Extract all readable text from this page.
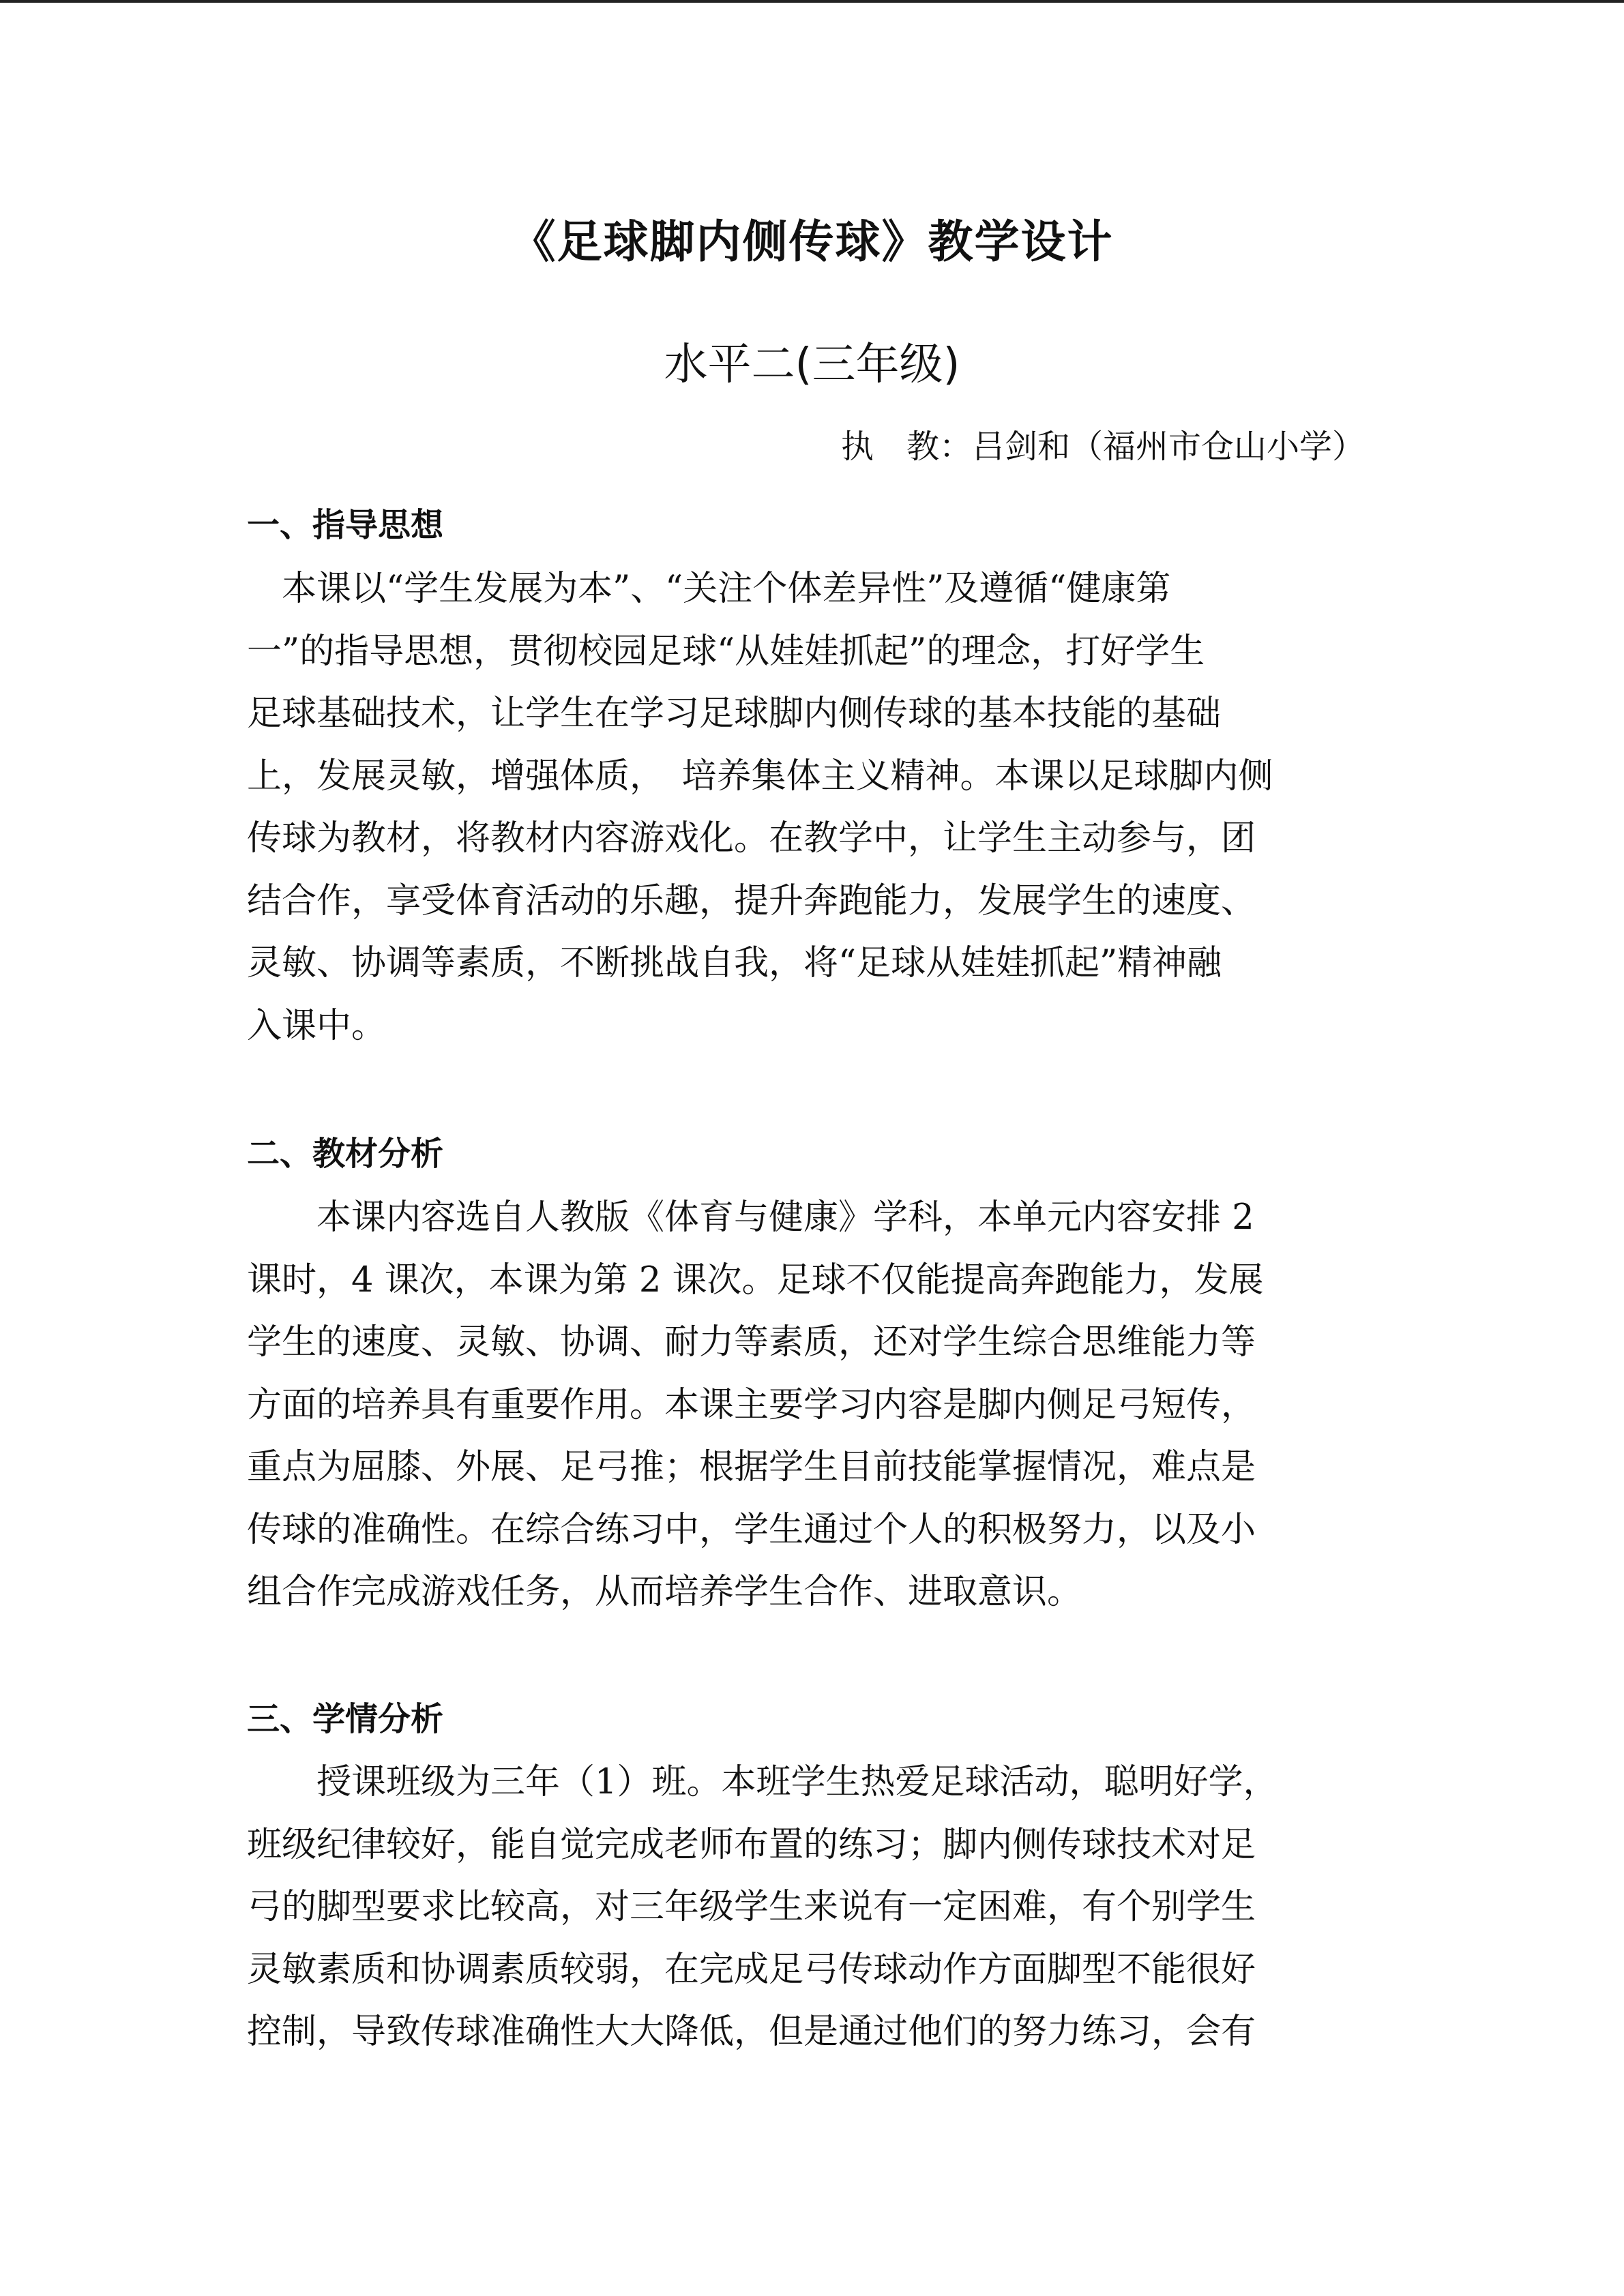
《足球脚内侧传球》教学设计
水平二(三年级)
执　教：吕剑和（福州市仓山小学）
一、指导思想
　本课以“学生发展为本”、“关注个体差异性”及遵循“健康第
一”的指导思想，贯彻校园足球“从娃娃抓起”的理念，打好学生
足球基础技术，让学生在学习足球脚内侧传球的基本技能的基础
上，发展灵敏，增强体质，　培养集体主义精神。本课以足球脚内侧
传球为教材，将教材内容游戏化。在教学中，让学生主动参与，团
结合作，享受体育活动的乐趣，提升奔跑能力，发展学生的速度、
灵敏、协调等素质，不断挑战自我，将“足球从娃娃抓起”精神融
入课中。
二、教材分析
　　本课内容选自人教版《体育与健康》学科，本单元内容安排 2
课时，4 课次，本课为第 2 课次。足球不仅能提高奔跑能力，发展
学生的速度、灵敏、协调、耐力等素质，还对学生综合思维能力等
方面的培养具有重要作用。本课主要学习内容是脚内侧足弓短传，
重点为屈膝、外展、足弓推；根据学生目前技能掌握情况，难点是
传球的准确性。在综合练习中，学生通过个人的积极努力，以及小
组合作完成游戏任务，从而培养学生合作、进取意识。
三、学情分析
　　授课班级为三年（1）班。本班学生热爱足球活动，聪明好学，
班级纪律较好，能自觉完成老师布置的练习；脚内侧传球技术对足
弓的脚型要求比较高，对三年级学生来说有一定困难，有个别学生
灵敏素质和协调素质较弱，在完成足弓传球动作方面脚型不能很好
控制，导致传球准确性大大降低，但是通过他们的努力练习，会有
